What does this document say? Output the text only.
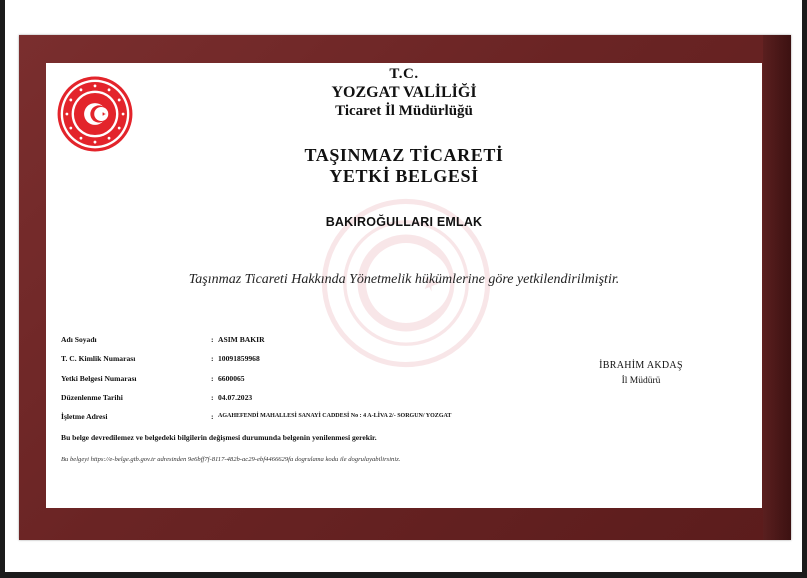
T.C.
YOZGAT VALİLİĞİ
Ticaret İl Müdürlüğü
TAŞINMAZ TİCARETİ
YETKİ BELGESİ
BAKIROĞULLARI EMLAK
Taşınmaz Ticareti Hakkında Yönetmelik hükümlerine göre yetkilendirilmiştir.
Adı Soyadı	: ASIM BAKIR
T. C. Kimlik Numarası	: 10091859968
Yetki Belgesi Numarası	: 6600065
Düzenlenme Tarihi	: 04.07.2023
İşletme Adresi	: AGAHEFENDİ MAHALLESİ SANAYİ CADDESİ No : 4 A-LİVA 2/- SORGUN/ YOZGAT
Bu belge devredilemez ve belgedeki bilgilerin değişmesi durumunda belgenin yenilenmesi gerekir.
Bu belgeyi https://e-belge.gtb.gov.tr adresinden 9e6bff7f-8117-482b-ac29-ebf4466629fa dogrulama kodu ile dogrulayabilirsiniz.
İBRAHİM AKDAŞ
İl Müdürü
